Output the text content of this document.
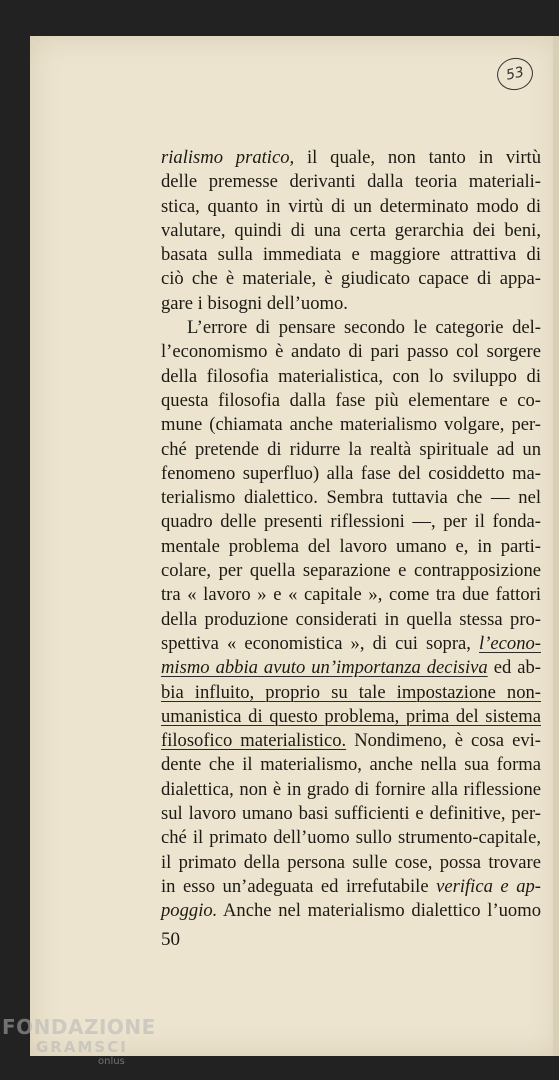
53
rialismo pratico, il quale, non tanto in virtù
delle premesse derivanti dalla teoria materiali-
stica, quanto in virtù di un determinato modo di
valutare, quindi di una certa gerarchia dei beni,
basata sulla immediata e maggiore attrattiva di
ciò che è materiale, è giudicato capace di appa-
gare i bisogni dell’uomo.
L’errore di pensare secondo le categorie del-
l’economismo è andato di pari passo col sorgere
della filosofia materialistica, con lo sviluppo di
questa filosofia dalla fase più elementare e co-
mune (chiamata anche materialismo volgare, per-
ché pretende di ridurre la realtà spirituale ad un
fenomeno superfluo) alla fase del cosiddetto ma-
terialismo dialettico. Sembra tuttavia che — nel
quadro delle presenti riflessioni —, per il fonda-
mentale problema del lavoro umano e, in parti-
colare, per quella separazione e contrapposizione
tra « lavoro » e « capitale », come tra due fattori
della produzione considerati in quella stessa pro-
spettiva « economistica », di cui sopra, l’econo-
mismo abbia avuto un’importanza decisiva ed ab-
bia influito, proprio su tale impostazione non-
umanistica di questo problema, prima del sistema
filosofico materialistico. Nondimeno, è cosa evi-
dente che il materialismo, anche nella sua forma
dialettica, non è in grado di fornire alla riflessione
sul lavoro umano basi sufficienti e definitive, per-
ché il primato dell’uomo sullo strumento-capitale,
il primato della persona sulle cose, possa trovare
in esso un’adeguata ed irrefutabile verifica e ap-
poggio. Anche nel materialismo dialettico l’uomo
50
FONDAZIONE
GRAMSCI
onlus
